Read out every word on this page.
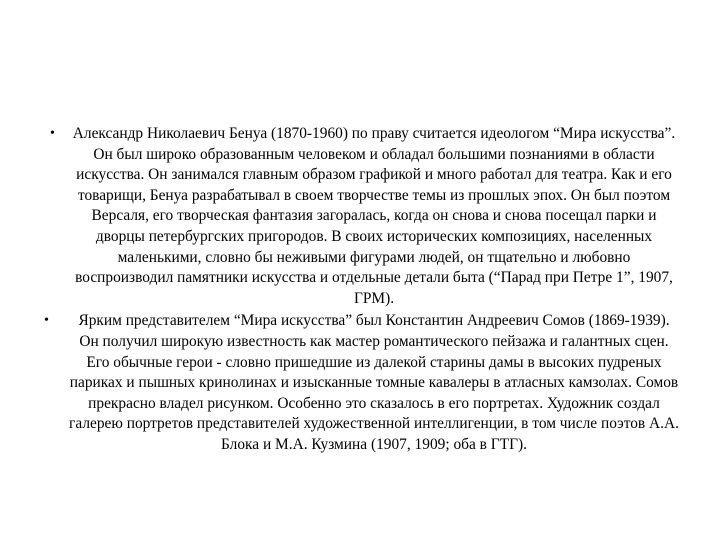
• Александр Николаевич Бенуа (1870-1960) по праву считается идеологом “Мира искусства”. Он был широко образованным человеком и обладал большими познаниями в области искусства. Он занимался главным образом графикой и много работал для театра. Как и его товарищи, Бенуа разрабатывал в своем творчестве темы из прошлых эпох. Он был поэтом Версаля, его творческая фантазия загоралась, когда он снова и снова посещал парки и дворцы петербургских пригородов. В своих исторических композициях, населенных маленькими, словно бы неживыми фигурами людей, он тщательно и любовно воспроизводил памятники искусства и отдельные детали быта (“Парад при Петре 1”, 1907, ГРМ).
• Ярким представителем “Мира искусства” был Константин Андреевич Сомов (1869-1939). Он получил широкую известность как мастер романтического пейзажа и галантных сцен. Его обычные герои - словно пришедшие из далекой старины дамы в высоких пудреных париках и пышных кринолинах и изысканные томные кавалеры в атласных камзолах. Сомов прекрасно владел рисунком. Особенно это сказалось в его портретах. Художник создал галерею портретов представителей художественной интеллигенции, в том числе поэтов А.А. Блока и М.А. Кузмина (1907, 1909; оба в ГТГ).
